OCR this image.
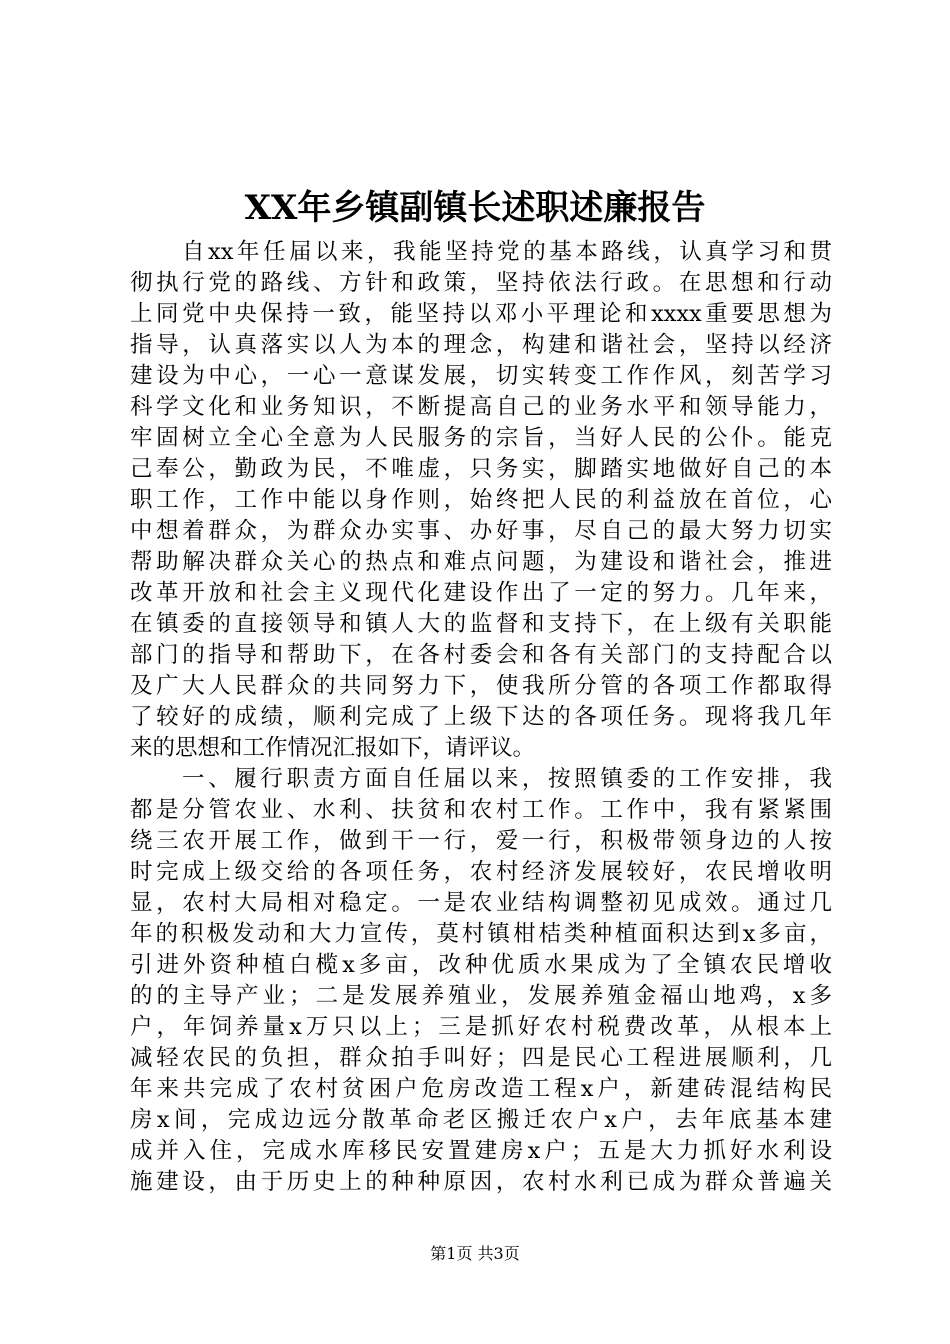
XX年乡镇副镇长述职述廉报告
自xx年任届以来，我能坚持党的基本路线，认真学习和贯
彻执行党的路线、方针和政策，坚持依法行政。在思想和行动
上同党中央保持一致，能坚持以邓小平理论和xxxx重要思想为
指导，认真落实以人为本的理念，构建和谐社会，坚持以经济
建设为中心，一心一意谋发展，切实转变工作作风，刻苦学习
科学文化和业务知识，不断提高自己的业务水平和领导能力，
牢固树立全心全意为人民服务的宗旨，当好人民的公仆。能克
己奉公，勤政为民，不唯虚，只务实，脚踏实地做好自己的本
职工作，工作中能以身作则，始终把人民的利益放在首位，心
中想着群众，为群众办实事、办好事，尽自己的最大努力切实
帮助解决群众关心的热点和难点问题，为建设和谐社会，推进
改革开放和社会主义现代化建设作出了一定的努力。几年来，
在镇委的直接领导和镇人大的监督和支持下，在上级有关职能
部门的指导和帮助下，在各村委会和各有关部门的支持配合以
及广大人民群众的共同努力下，使我所分管的各项工作都取得
了较好的成绩，顺利完成了上级下达的各项任务。现将我几年
来的思想和工作情况汇报如下，请评议。
一、履行职责方面自任届以来，按照镇委的工作安排，我
都是分管农业、水利、扶贫和农村工作。工作中，我有紧紧围
绕三农开展工作，做到干一行，爱一行，积极带领身边的人按
时完成上级交给的各项任务，农村经济发展较好，农民增收明
显，农村大局相对稳定。一是农业结构调整初见成效。通过几
年的积极发动和大力宣传，莫村镇柑桔类种植面积达到x多亩，
引进外资种植白榄x多亩，改种优质水果成为了全镇农民增收
的的主导产业；二是发展养殖业，发展养殖金福山地鸡，x多
户，年饲养量x万只以上；三是抓好农村税费改革，从根本上
减轻农民的负担，群众拍手叫好；四是民心工程进展顺利，几
年来共完成了农村贫困户危房改造工程x户，新建砖混结构民
房x间，完成边远分散革命老区搬迁农户x户，去年底基本建
成并入住，完成水库移民安置建房x户；五是大力抓好水利设
施建设，由于历史上的种种原因，农村水利已成为群众普遍关
第1页 共3页
